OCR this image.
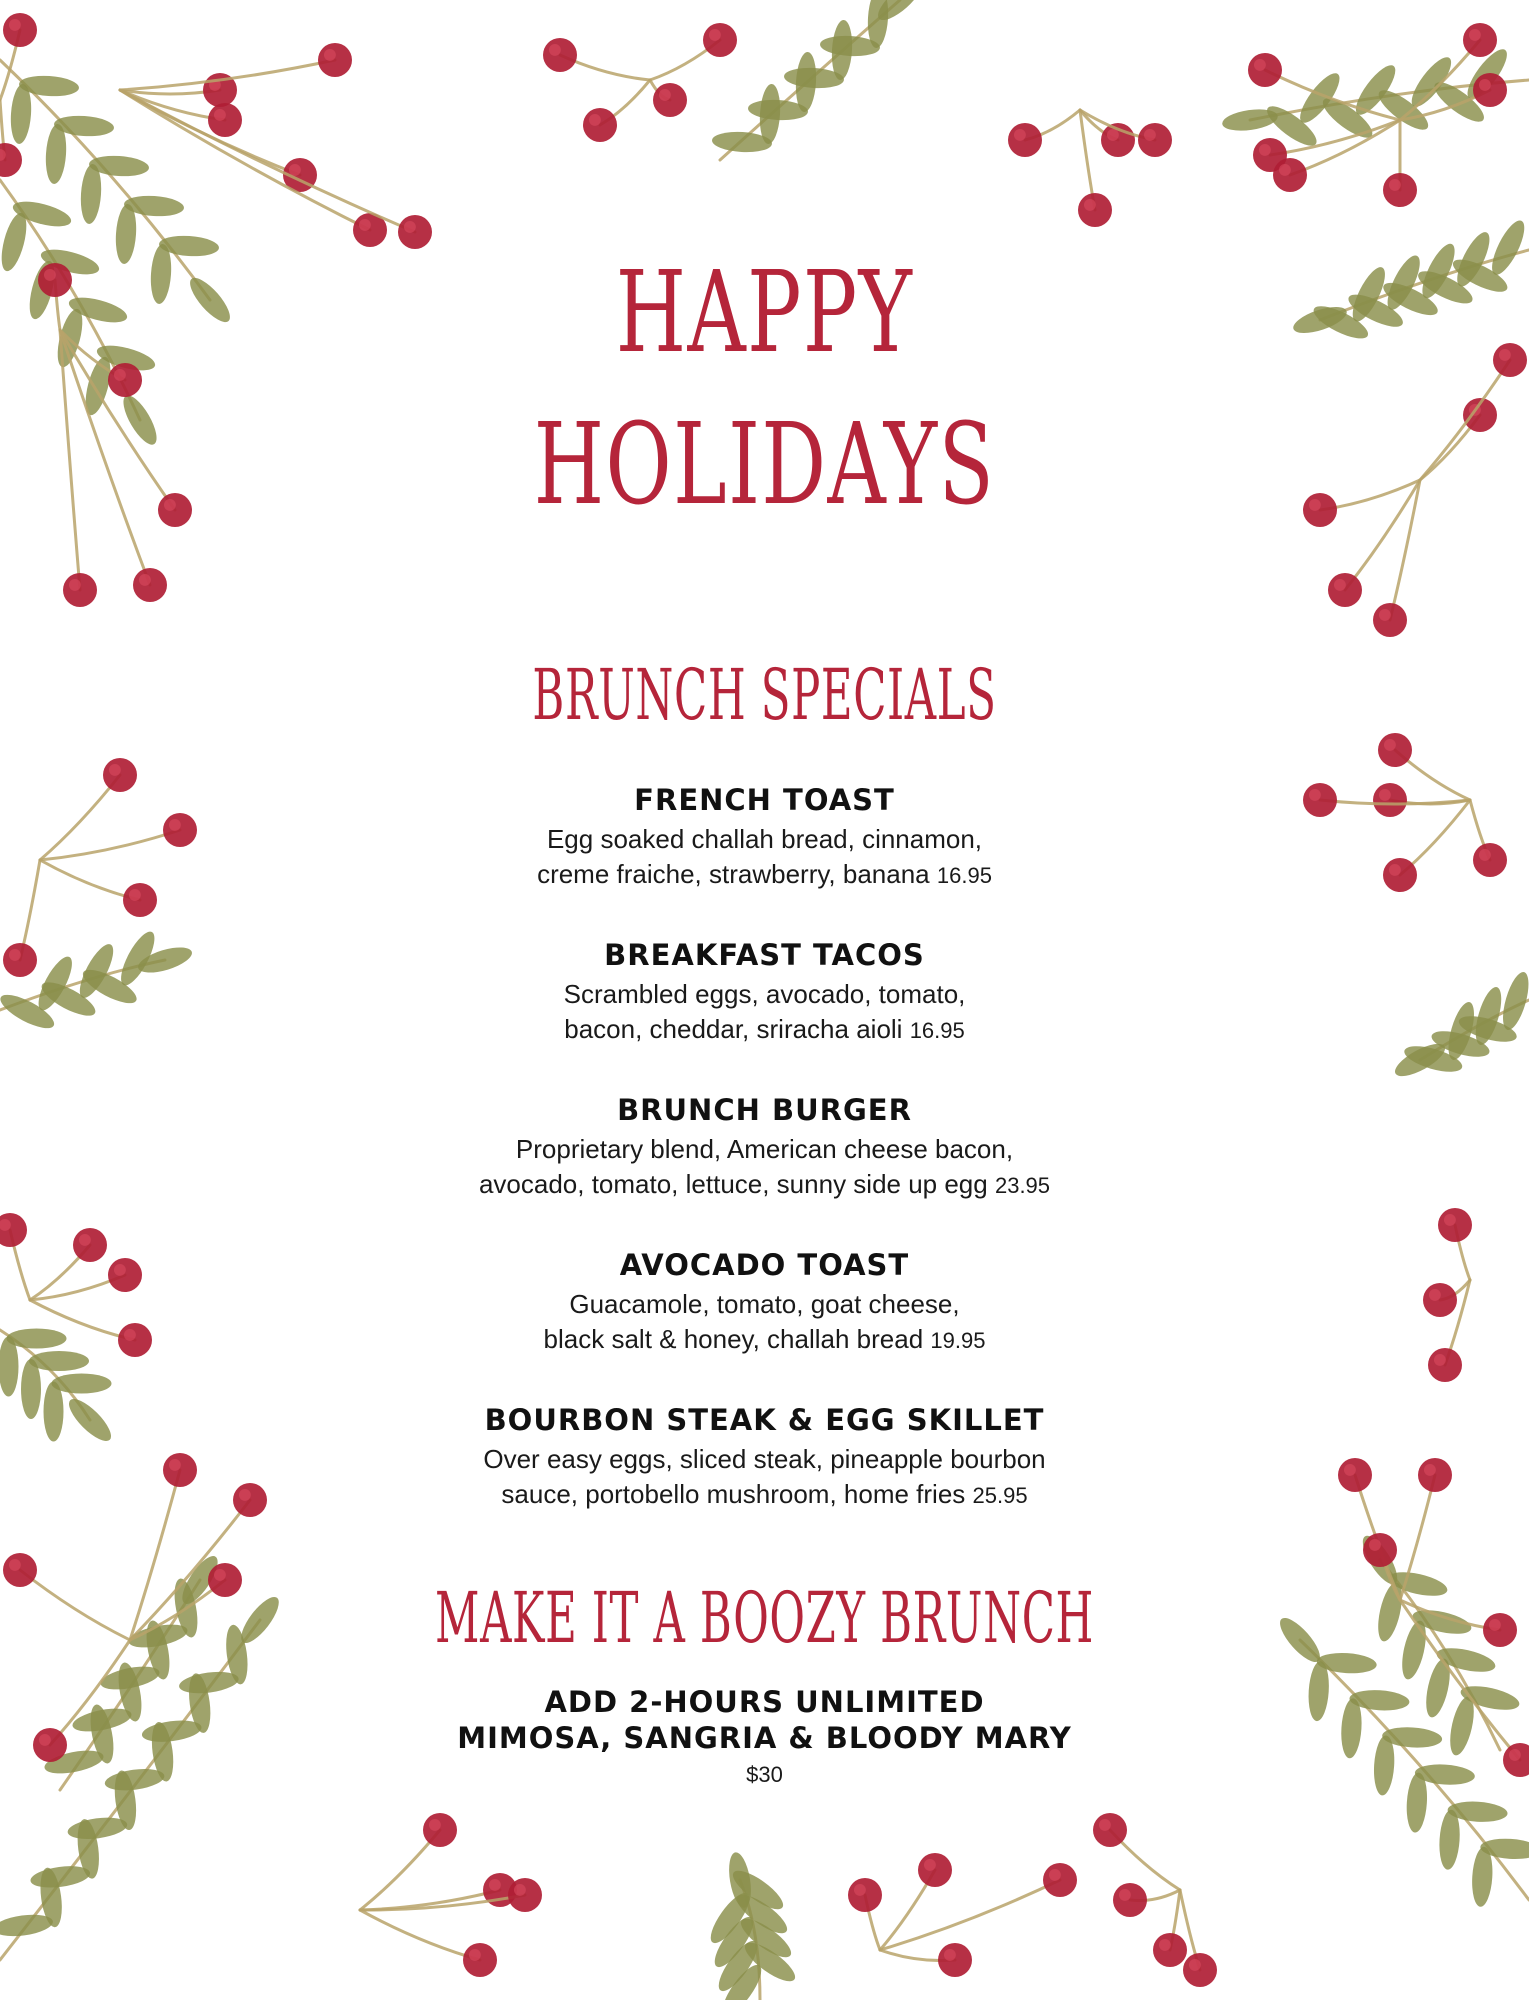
HAPPY
HOLIDAYS
BRUNCH SPECIALS
FRENCH TOAST
Egg soaked challah bread, cinnamon,
creme fraiche, strawberry, banana 16.95
BREAKFAST TACOS
Scrambled eggs, avocado, tomato,
bacon, cheddar, sriracha aioli 16.95
BRUNCH BURGER
Proprietary blend, American cheese bacon,
avocado, tomato, lettuce, sunny side up egg 23.95
AVOCADO TOAST
Guacamole, tomato, goat cheese,
black salt & honey, challah bread 19.95
BOURBON STEAK & EGG SKILLET
Over easy eggs, sliced steak, pineapple bourbon
sauce, portobello mushroom, home fries 25.95
MAKE IT A BOOZY BRUNCH
ADD 2-HOURS UNLIMITED
MIMOSA, SANGRIA & BLOODY MARY
$30
